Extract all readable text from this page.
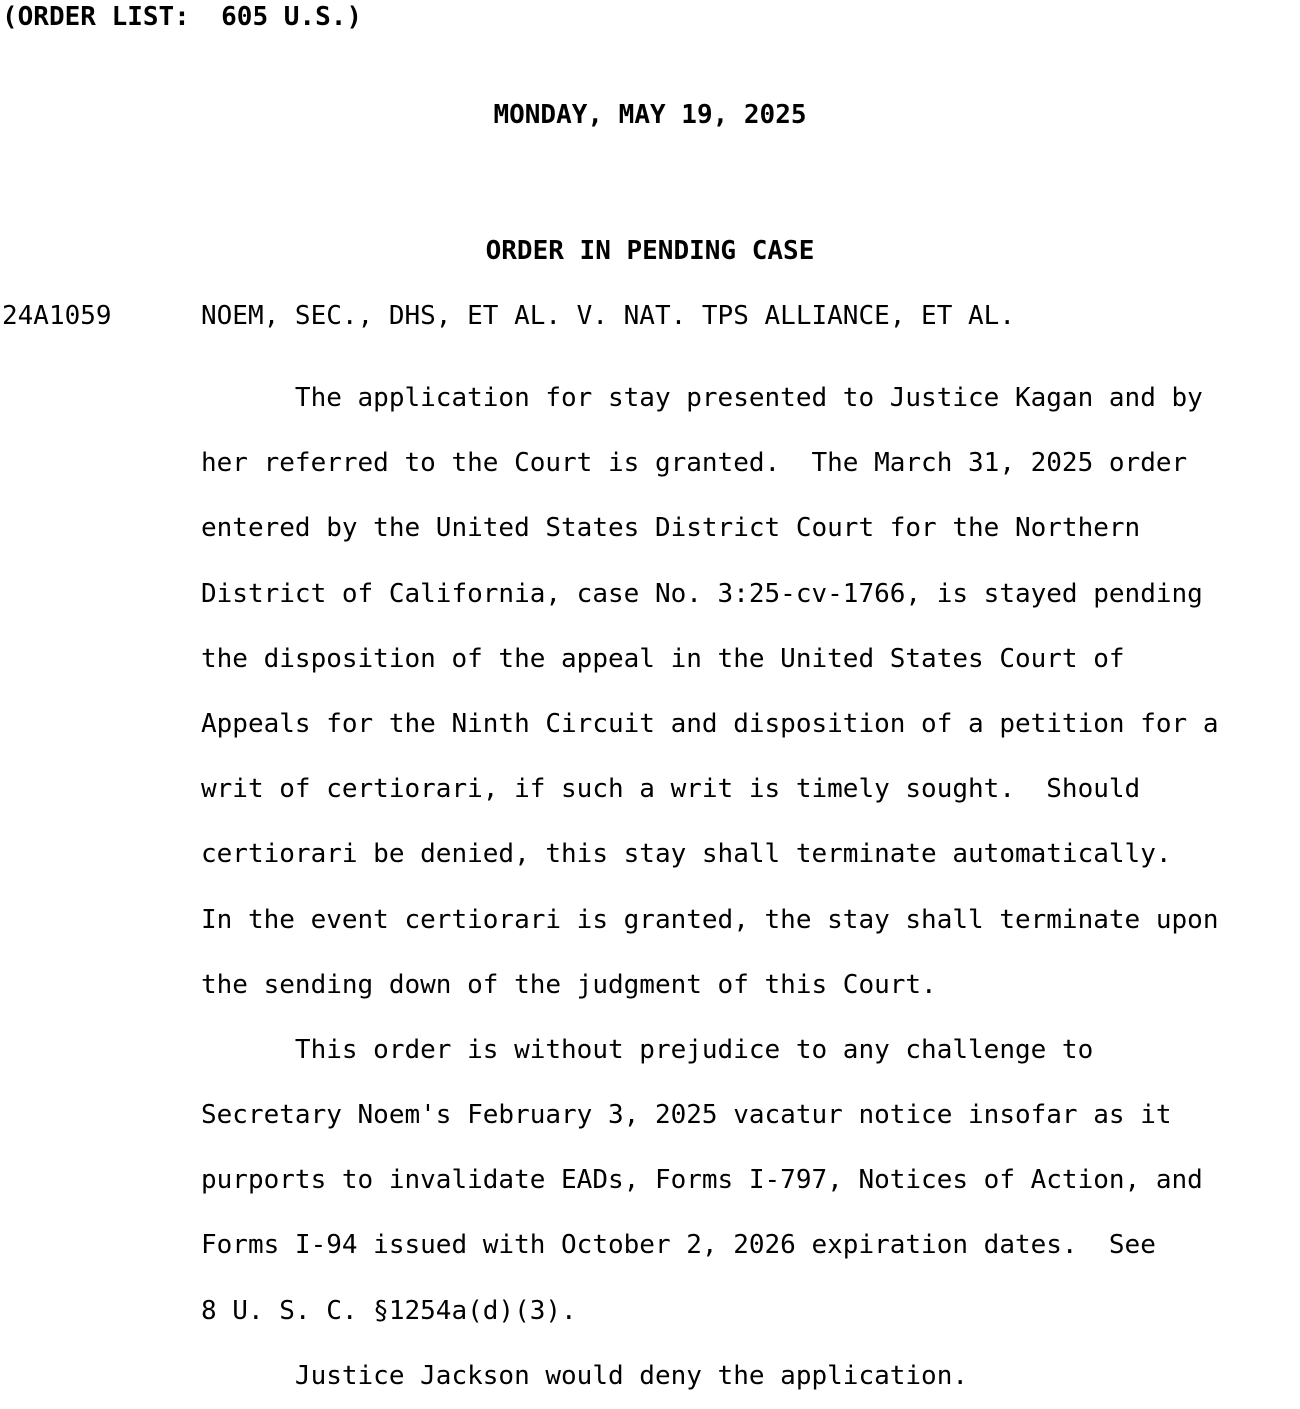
(ORDER LIST:  605 U.S.)
MONDAY, MAY 19, 2025
ORDER IN PENDING CASE
24A1059	NOEM, SEC., DHS, ET AL. V. NAT. TPS ALLIANCE, ET AL.
The application for stay presented to Justice Kagan and by
her referred to the Court is granted.  The March 31, 2025 order
entered by the United States District Court for the Northern
District of California, case No. 3:25-cv-1766, is stayed pending
the disposition of the appeal in the United States Court of
Appeals for the Ninth Circuit and disposition of a petition for a
writ of certiorari, if such a writ is timely sought.  Should
certiorari be denied, this stay shall terminate automatically.
In the event certiorari is granted, the stay shall terminate upon
the sending down of the judgment of this Court.
This order is without prejudice to any challenge to
Secretary Noem's February 3, 2025 vacatur notice insofar as it
purports to invalidate EADs, Forms I-797, Notices of Action, and
Forms I-94 issued with October 2, 2026 expiration dates.  See
8 U. S. C. §1254a(d)(3).
Justice Jackson would deny the application.
